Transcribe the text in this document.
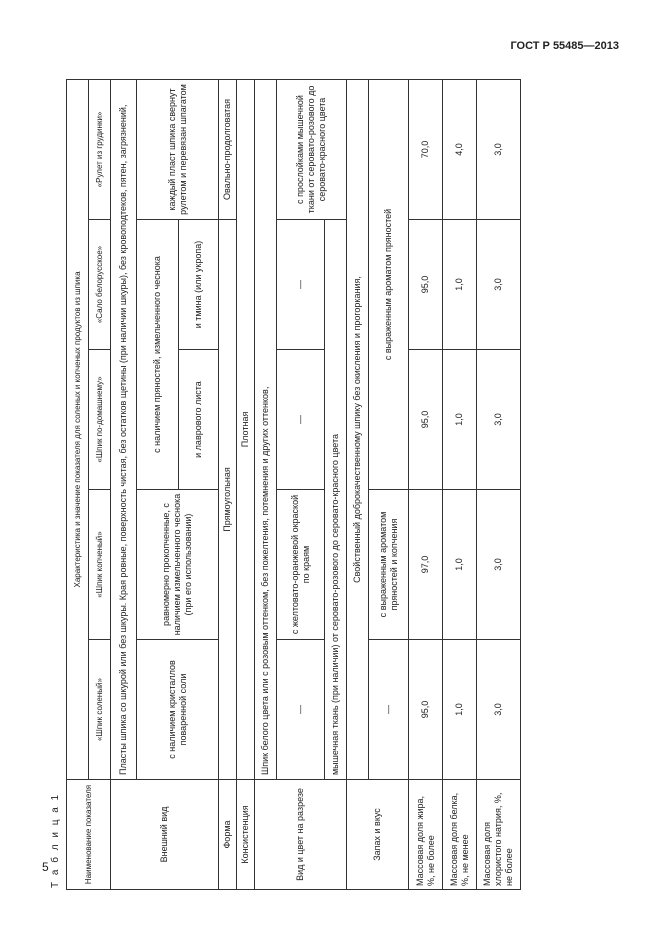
ГОСТ Р 55485—2013
Т а б л и ц а 1	Наименование показателя	Характеристика и значение показателя для соленых и копченых продуктов из шпика				
	«Шпик соленый»	«Шпик копченый»	«Шпик по-домашнему»	«Сало белорусское»	«Рулет из грудинки»
Внешний вид	Пласты шпика со шкурой или без шкуры. Края ровные, поверхность чистая, без остатков щетины (при наличии шкуры), без кровоподтеков, пятен, загрязнений,				
	с наличием кристаллов поваренной соли	равномерно прокопченные, с наличием измельченного чеснока (при его использовании)	с наличием пряностей, измельченного чеснока		каждый пласт шпика свернут рулетом и перевязан шпагатом
			и лаврового листа	и тмина (или укропа)	
Форма	Прямоугольная				Овально-продолговатая
Консистенция	Плотная				
Вид и цвет на разрезе	Шпик белого цвета или с розовым оттенком, без пожелтения, потемнения и других оттенков,				
	—	с желтовато-оранжевой окраской по краям	—	—	с прослойками мышечной ткани от серовато-розового до серовато-красного цвета
	мышечная ткань (при наличии) от серовато-розового до серовато-красного цвета				
Запах и вкус	Свойственный доброкачественному шпику без окисления и прогоркания,				
	—	с выраженным ароматом пряностей и копчения	с выраженным ароматом пряностей		
Массовая доля жира, %, не более	95,0	97,0	95,0	95,0	70,0
Массовая доля белка, %, не менее	1,0	1,0	1,0	1,0	4,0
Массовая доля хлористого натрия, %, не более	3,0	3,0	3,0	3,0	3,0
5
